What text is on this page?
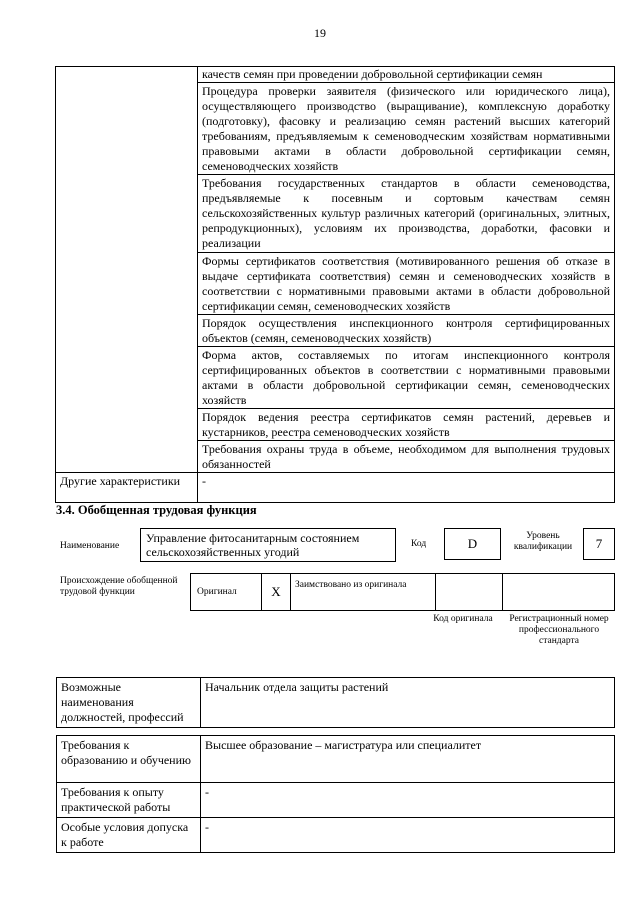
19
	качеств семян при проведении добровольной сертификации семян
	Процедура проверки заявителя (физического или юридического лица), осуществляющего производство (выращивание), комплексную доработку (подготовку), фасовку и реализацию семян растений высших категорий требованиям, предъявляемым к семеноводческим хозяйствам нормативными правовыми актами в области добровольной сертификации семян, семеноводческих хозяйств
	Требования государственных стандартов в области семеноводства, предъявляемые к посевным и сортовым качествам семян сельскохозяйственных культур различных категорий (оригинальных, элитных, репродукционных), условиям их производства, доработки, фасовки и реализации
	Формы сертификатов соответствия (мотивированного решения об отказе в выдаче сертификата соответствия) семян и семеноводческих хозяйств в соответствии с нормативными правовыми актами в области добровольной сертификации семян, семеноводческих хозяйств
	Порядок осуществления инспекционного контроля сертифицированных объектов (семян, семеноводческих хозяйств)
	Форма актов, составляемых по итогам инспекционного контроля сертифицированных объектов в соответствии с нормативными правовыми актами в области добровольной сертификации семян, семеноводческих хозяйств
	Порядок ведения реестра сертификатов семян растений, деревьев и кустарников, реестра семеноводческих хозяйств
	Требования охраны труда в объеме, необходимом для выполнения трудовых обязанностей
Другие характеристики	-
3.4. Обобщенная трудовая функция
Наименование
Управление фитосанитарным состоянием сельскохозяйственных угодий
Код	D	Уровень квалификации	7
Происхождение обобщенной трудовой функции	Оригинал	X	Заимствовано из оригинала		
Код оригинала	Регистрационный номер профессионального стандарта
Возможные наименования должностей, профессий	Начальник отдела защиты растений
Требования к образованию и обучению	Высшее образование – магистратура или специалитет
Требования к опыту практической работы	-
Особые условия допуска к работе	-
